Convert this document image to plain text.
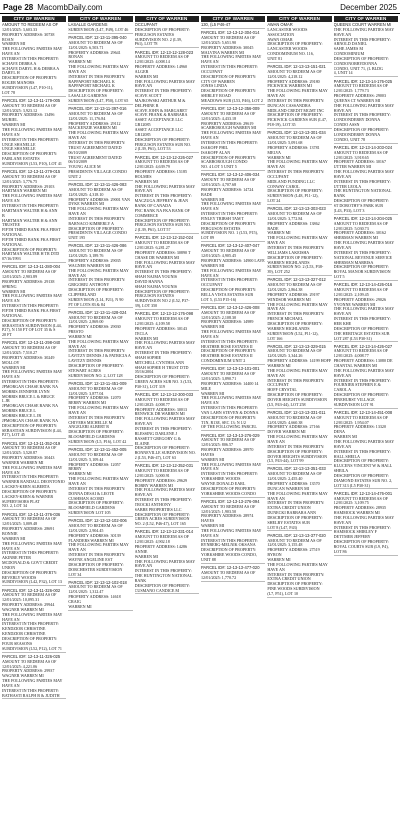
Page 28 MacombDaily.com	December 2025
CITY OF WARREN
AMOUNT TO REDEEM AS OF
12/01/2025: 3,603.33
PROPERTY ADDRESS: 30738 ROAN
WARREN MI
THE FOLLOWING PARTIES MAY HAVE AN
INTEREST IN THIS PROPERTY:
SCHAVE DEBRA A
SCHAVE DARYL H & DEBRA A
DARYL H
DESCRIPTION OF PROPERTY:
ROGER MANORS
SUBDIVISION (L47, P10-11),
LOT 78
PARCEL ID#: 12-13-11-179-005
AMOUNT TO REDEEM AS OF
12/01/2025: 3,923.12
PROPERTY ADDRESS: 13496 MURIEL
WARREN MI
THE FOLLOWING PARTIES MAY HAVE AN
INTEREST IN THIS PROPERTY:
UNGE SHANELLE
UNGE SHANELLE
DESCRIPTION OF PROPERTY:
FAIRLANE ESTATES
SUBDIVISION (L53, P10), LOT 41
PARCEL ID#: 12-13-11-279-015
AMOUNT TO REDEEM AS OF
12/01/2025: 3,776.75
PROPERTY ADDRESS: 29103
HARTMAN WARREN MI
THE FOLLOWING PARTIES MAY HAVE AN
INTEREST IN THIS PROPERTY:
HARTMAN WALTER H & ANN
B
HARTMAN WALTER H & ANN
TRUSTEE
FIFTH THIRD BANK FKA FIRST
NATIONAL
FIFTH THIRD BANK FKA FIRST
NATIONAL
DESCRIPTION OF PROPERTY:
HARTMAN WALTER H TR DTD
07/16/1993
PARCEL ID#: 12-13-11-280-004
AMOUNT TO REDEEM AS OF
12/01/2025: 2,903.89
PROPERTY ADDRESS: 29138 SPRING
WARREN MI
THE FOLLOWING PARTIES MAY HAVE AN
INTEREST IN THIS PROPERTY:
FIFTH THIRD BANK FKA FIRST
NATIONAL
DESCRIPTION OF PROPERTY:
SEBASTIAN SUBDIVISION (L44,
P27), N 150 FT OF LOT 35 & S
20 FT
PARCEL ID#: 12-13-11-298-040
AMOUNT TO REDEEM AS OF
12/01/2025: 7,510.27
PROPERTY ADDRESS: 30249 MOLLOY
WARREN MI
THE FOLLOWING PARTIES MAY HAVE AN
INTEREST IN THIS PROPERTY:
JPMORGAN CHASE BANK NA
MORRIS JENNIFER LYNN
MORRIS BRUCE L & BRUCE
L JR
JPMORGAN CHASE BANK NA
MORRIS BRUCE L
MORRIS BRUCE L JR
JPMORGAN CHASE BANK NA
DESCRIPTION OF PROPERTY:
SEBASTIAN SUBDIVISION (L44,
P27), LOT 45
PARCEL ID#: 12-13-11-352-019
AMOUNT TO REDEEM AS OF
12/01/2025: 3,520.87
PROPERTY ADDRESS: 30443
WARNER WARREN MI
THE FOLLOWING PARTIES MAY HAVE AN
INTEREST IN THIS PROPERTY:
WARNER RANDALL DEONTONIO
LACKEY-KERN ALBERTA
DESCRIPTION OF PROPERTY:
LACKEY-KERN & WARNER
SUPERVISORS PLAT
NO. 2, LOT 34
PARCEL ID#: 12-13-11-376-036
AMOUNT TO REDEEM AS OF
12/01/2025: 3,009.48
PROPERTY ADDRESS: 28691 BONNIE
WARREN MI
THE FOLLOWING PARTIES MAY HAVE AN
INTEREST IN THIS PROPERTY:
AKINBE PETER
MCDONALD & GOVT CREDIT
UNION
DESCRIPTION OF PROPERTY:
BEVERLY WOODS
SUBDIVISION (L42, P32), LOT 13
PARCEL ID#: 12-13-11-326-002
AMOUNT TO REDEEM AS OF
12/01/2025: 10,095.31
PROPERTY ADDRESS: 29944
WAGNER WARREN MI
THE FOLLOWING PARTIES MAY HAVE AN
INTEREST IN THIS PROPERTY:
KENDZIOR CHRISTINE
KENDZIOR CHRISTINE
DESCRIPTION OF PROPERTY:
FOUR SEASONS
SUBDIVISION (L52, P12), LOT 71
PARCEL ID#: 12-13-11-326-025
AMOUNT TO REDEEM AS OF
12/01/2025: 4,221.06
PROPERTY ADDRESS: 29937
WAGNER WARREN MI
THE FOLLOWING PARTIES MAY HAVE AN
INTEREST IN THIS PROPERTY:
BATHASTI RALPH B & JUDITH
CITY OF WARREN
LASALLE GARDENS
SUBDIVISION (L47, P49), LOT 46
PARCEL ID#: 12-13-11-395-040
AMOUNT TO REDEEM AS OF
12/01/2025: 6,503.71
PROPERTY ADDRESS: 29641 RONAN
WARREN MI
THE FOLLOWING PARTIES MAY HAVE AN
INTEREST IN THIS PROPERTY:
RAPPAPORT MICHAEL K
RAPPAPORT MICHAEL K
DESCRIPTION OF PROPERTY:
LASALLE GARDENS
SUBDIVISION (L47, P50), LOT 65
PARCEL ID#: 12-13-11-397-016
AMOUNT TO REDEEM AS OF
12/01/2025: 11,176.84
PROPERTY ADDRESS: 29112
MACKENZIE WARREN MI
THE FOLLOWING PARTIES MAY HAVE AN
INTEREST IN THIS PROPERTY:
TRUST AGREEMENT DATED
06/10/2009
TRUST AGREEMENT DATED
06/10/2009
YOUNG ALICE M
PRESIDENTS VILLAGE CONDO
UNIT 2
PARCEL ID#: 12-13-11-426-083
AMOUNT TO REDEEM AS OF
12/01/2025: 4,318.10
PROPERTY ADDRESS: 29001 VAN
DYKE WARREN MI
THE FOLLOWING PARTIES MAY HAVE AN
INTEREST IN THIS PROPERTY:
BARNACO KIMBERLY A
DESCRIPTION OF PROPERTY:
PRESIDENTS VILLAGE CONDO
UNIT 195
PARCEL ID#: 12-13-11-426-086
AMOUNT TO REDEEM AS OF
12/01/2025: 3,189.76
PROPERTY ADDRESS: 29035
WAGNER WARREN MI
THE FOLLOWING PARTIES MAY HAVE AN
INTEREST IN THIS PROPERTY:
GRIGORIU ANTHONY
DESCRIPTION OF PROPERTY:
CLIPPERLAND
SUBDIVISION (L14, P21), N 90
FT OF LOTS 83 & 84
PARCEL ID#: 12-13-11-428-024
AMOUNT TO REDEEM AS OF
12/01/2025: 2,869.00
PROPERTY ADDRESS: 29030 PRESTO
WARREN MI
THE FOLLOWING PARTIES MAY HAVE AN
INTEREST IN THIS PROPERTY:
LAVITZY DENNIS J & PATRICIA A
LAVITZY DENNIS
DESCRIPTION OF PROPERTY:
STEWART ACRES
SUBDIVISION NO. 2, LOT 128
PARCEL ID#: 12-13-11-451-009
AMOUNT TO REDEEM AS OF
12/01/2025: 3,877.04
PROPERTY ADDRESS: 12070
BERRY WARREN MI
THE FOLLOWING PARTIES MAY HAVE AN
INTEREST IN THIS PROPERTY:
CHIVERS MICHELLE M
ANGELERI ALBERT R
DESCRIPTION OF PROPERTY:
BLOOMFIELD GARDENS
SUBDIVISION (L5, P16), LOT 42
PARCEL ID#: 12-13-11-452-005
AMOUNT TO REDEEM AS OF
12/01/2025: 5,109.44
PROPERTY ADDRESS: 12057 BERRY
WARREN MI
THE FOLLOWING PARTIES MAY HAVE AN
INTEREST IN THIS PROPERTY:
DONNA DESAI & LEOTE
CUSHMAN ACORD
DESCRIPTION OF PROPERTY:
BLOOMFIELD GARDENS
SUBDIVISION LOT 105
PARCEL ID#: 12-13-12-102-006
AMOUNT TO REDEEM AS OF
12/01/2025: 2,904.45
PROPERTY ADDRESS: 30139
FLANDERS WARREN MI
THE FOLLOWING PARTIES MAY HAVE AN
INTEREST IN THIS PROPERTY:
WAYNE ANGELINE EST
DESCRIPTION OF PROPERTY:
DORCHESTER SUBDIVISION
LOT 34
PARCEL ID#: 12-13-12-102-018
AMOUNT TO REDEEM AS OF
12/01/2025: 1,312.47
PROPERTY ADDRESS: 14618 CRAIG
WARREN MI
CITY OF WARREN
OCCUPANT
DESCRIPTION OF PROPERTY:
FERGUSON ESTATES
SUBDIVISION NO. 2 (L39,
P61), LOT 78
PARCEL ID#: 12-13-12-128-023
AMOUNT TO REDEEM AS OF
12/01/2025: 4,008.14
PROPERTY ADDRESS: 14960 ALGER
WARREN MI
THE FOLLOWING PARTIES MAY HAVE AN
INTEREST IN THIS PROPERTY:
SCAVE SCOTT
MAJKOWSKI ARTHUR M &
DELPHINE R
SCAVE JOHN & MARGARET
SCAVE FRANK & BARBARA
ASSET ACCEPTANCE LLC
GR12085
ASSET ACCEPTANCE LLC
GR12085
DESCRIPTION OF PROPERTY:
FERGUSON ESTATES SUB NO.
2 (L39, P61), LOT 53
PARCEL ID#: 12-13-12-226-027
AMOUNT TO REDEEM AS OF
12/01/2025: 4,639.79
PROPERTY ADDRESS: 15185 HOLMES
WARREN MI
THE FOLLOWING PARTIES MAY HAVE AN
INTEREST IN THIS PROPERTY:
MACZUGA JEFFREY & JEAN
BANK OF CANADA
PNC BANK NA FKA BANK OF
COMMERCE
DESCRIPTION OF PROPERTY:
FERGUSON ESTATES SUB NO.
2 (L39, P61), LOT 57
PARCEL ID#: 12-13-12-152-024
AMOUNT TO REDEEM AS OF
12/01/2025: 6,281.27
PROPERTY ADDRESS: 30890 T
CHASE DR WARREN MI
THE FOLLOWING PARTIES MAY HAVE AN
INTEREST IN THIS PROPERTY:
SHAH NAJMA YOUNIS
DAVID HANNA
SHAH NAJMA YOUNIS
DESCRIPTION OF PROPERTY:
FERGUSON ESTATES
SUBDIVISION NO 2 (L52, P37-
39), LOT 350
PARCEL ID#: 12-13-12-176-098
AMOUNT TO REDEEM AS OF
12/01/2025: 4,109.58
PROPERTY ADDRESS: 30143 TECLA
WARREN MI
THE FOLLOWING PARTIES MAY HAVE AN
INTEREST IN THIS PROPERTY:
SHAH SOPHIE
MITCHELL CYNTHIA ANN
SHAH SOPHIE H TRUST DTD
05/16/2004
DESCRIPTION OF PROPERTY:
GREEN ACRES SUB NO. 3 (L53,
P30-31), LOT 319
PARCEL ID#: 12-13-12-300-033
AMOUNT TO REDEEM AS OF
12/01/2025: 4,008.77
PROPERTY ADDRESS: 30013
RENWICK DR WARREN MI
THE FOLLOWING PARTIES MAY HAVE AN
INTEREST IN THIS PROPERTY:
BLESSING DARLENE J
BASSETT GREGORY G &
ELAINE
DESCRIPTION OF PROPERTY:
BONNEVILLE SUBDIVISION NO.
2 (L53, P46-47), LOT 63
PARCEL ID#: 12-13-12-352-031
AMOUNT TO REDEEM AS OF
12/01/2025: 3,000.91
PROPERTY ADDRESS: 29629
BOBBY WARREN MI
THE FOLLOWING PARTIES MAY HAVE AN
INTEREST IN THIS PROPERTY:
TROCKI ANTHONY
SABBE PROPERTIES LLC
DESCRIPTION OF PROPERTY:
GREEN ACRES SUBDIVISION
NO. 2 (L52, P46-47), LOT 165
PARCEL ID#: 12-13-12-331-014
AMOUNT TO REDEEM AS OF
12/01/2025: 4,902.18
PROPERTY ADDRESS: 14286 ANNIE
WARREN MI
THE FOLLOWING PARTIES MAY HAVE AN
INTEREST IN THIS PROPERTY:
THE HUNTINGTON NATIONAL
BANK
DESCRIPTION OF PROPERTY:
CUSMANO CANDICE M
CITY OF WARREN
130, (L5 P46-47
PARCEL ID#: 12-13-12-304-014
AMOUNT TO REDEEM AS OF
12/01/2025: 5,651.90
PROPERTY ADDRESS: 30045
MALVINA WARREN MI
THE FOLLOWING PARTIES MAY HAVE AN
INTEREST IN THIS PROPERTY:
OCCUPANT
DESCRIPTION OF PROPERTY:
CITY OF WARREN
JONES LINDA
DESCRIPTION OF PROPERTY:
SHIRLEY ROAD
MEADOWS SUB (L53, P46), LOT 2
PARCEL ID#: 12-13-12-356-009
AMOUNT TO REDEEM AS OF
12/01/2025: 4,433.18
PROPERTY ADDRESS: 29619
SCARBOROUGH WARREN MI
THE FOLLOWING PARTIES MAY HAVE AN
INTEREST IN THIS PROPERTY:
ISAKOFF PHIL
ISAKOFF ALAN
DESCRIPTION OF PROPERTY:
SCARBOROUGH CONDO
NO. 4 LOT 5 UNIT 5
PARCEL ID#: 12-13-12-406-034
AMOUNT TO REDEEM AS OF
12/01/2025: 4,707.68
PROPERTY ADDRESS: 14724 BADE
WARREN MI
THE FOLLOWING PARTIES MAY HAVE AN
INTEREST IN THIS PROPERTY:
FINLEY TRIBSH TAM T
DESCRIPTION OF PROPERTY:
FERGUSON ESTATES
SUBDIVISION NO. 1 (L53, P15),
LOT 89
PARCEL ID#: 12-13-12-407-047
AMOUNT TO REDEEM AS OF
12/01/2025: 4,905.45
PROPERTY ADDRESS: 14900 LAVE
WARREN MI
THE FOLLOWING PARTIES MAY HAVE AN
INTEREST IN THIS PROPERTY:
OCCUPANT
DESCRIPTION OF PROPERTY:
BELLA VISTA ESTATES SUB
LOT 5, (L53 P15-16)
PARCEL ID#: 12-13-12-426-008
AMOUNT TO REDEEM AS OF
12/01/2025: 2,108.30
PROPERTY ADDRESS: 14989
WARREN MI
THE FOLLOWING PARTIES MAY HAVE AN
INTEREST IN THIS PROPERTY:
HEATHER ROSE ESTATES II
DESCRIPTION OF PROPERTY:
HEATHER ROSE ESTATES II
CONDOMINIUM UNIT 2
PARCEL ID#: 12-13-13-101-001
AMOUNT TO REDEEM AS OF
12/01/2025: 3,890.71
PROPERTY ADDRESS: 14400 14 MILE
WARREN MI
THE FOLLOWING PARTIES MAY HAVE AN
INTEREST IN THIS PROPERTY:
VAN LAHN STEVEN & DONNA
DESCRIPTION OF PROPERTY:
T1N, R13E, SEC 13; N 1/2
OF THE FOLLOWING PARCEL
PARCEL ID#: 12-13-13-276-029
AMOUNT TO REDEEM AS OF
12/01/2025: 806.57
PROPERTY ADDRESS: 28970 HAYES
WARREN MI
THE FOLLOWING PARTIES MAY HAVE AN
INTEREST IN THIS PROPERTY:
YORKSHIRE WOODS
WAYNE DONALD EARL
DESCRIPTION OF PROPERTY:
YORKSHIRE WOODS CONDO
PARCEL ID#: 12-13-13-276-094
AMOUNT TO REDEEM AS OF
12/01/2025: 1,903.50
PROPERTY ADDRESS: 28974 HAYES
WARREN MI
THE FOLLOWING PARTIES MAY HAVE AN
INTEREST IN THIS PROPERTY:
RYNBERG-MELNIK OKSANA
DESCRIPTION OF PROPERTY:
YORKSHIRE WOODS CONDO,
UNIT 88
PARCEL ID#: 12-13-13-477-020
AMOUNT TO REDEEM AS OF
12/01/2025: 1,770.72
CITY OF WARREN
AWAN OMAR
LANCASTER WOODS
ASSOCIATION
AWAN OMAR
DESCRIPTION OF PROPERTY:
LANCASTER WOODS
CONDOMINIUM NO. 116,
UNIT 81
PARCEL ID#: 12-13-13-151-021
AMOUNT TO REDEEM AS OF
12/01/2025: 4,218.12
PROPERTY ADDRESS: 29180
PICKWICK WARREN MI
THE FOLLOWING PARTIES MAY HAVE AN
INTEREST IN THIS PROPERTY:
DUNCAN CASSANDRA
MIDLAND CREDIT MGMT INC
DESCRIPTION OF PROPERTY:
PICKWICK GARDENS SUB (L47,
P18-19), LOT 35
PARCEL ID#: 12-13-13-301-034
AMOUNT TO REDEEM AS OF
12/01/2025: 5,091.68
PROPERTY ADDRESS: 13781 MELVA
WARREN MI
THE FOLLOWING PARTIES MAY HAVE AN
INTEREST IN THIS PROPERTY:
OCCUPANT
MIDLAND FUNDING LLC
CONWAY CAROL
DESCRIPTION OF PROPERTY:
SUBDIVISION (L48, P11-12),
LOT 24
PARCEL ID#: 12-13-13-303-023
AMOUNT TO REDEEM AS OF
12/01/2025: 3,772.84
PROPERTY ADDRESS: 13862 BADE
WARREN MI
THE FOLLOWING PARTIES MAY HAVE AN
INTEREST IN THIS PROPERTY:
WILLIAMS LAKEISHA
DESCRIPTION OF PROPERTY:
WARREN HIGHLANDS
SUBDIVISION NO. 2 (L53, P38-
39), LOT 252
PARCEL ID#: 12-13-13-327-012
AMOUNT TO REDEEM AS OF
12/01/2025: 2,864.38
PROPERTY ADDRESS: 29197
WINDSOR WARREN MI
THE FOLLOWING PARTIES MAY HAVE AN
INTEREST IN THIS PROPERTY:
FRENCH MICHAEL
DESCRIPTION OF PROPERTY:
WARREN HIGHLANDS
SUBDIVISION (L52, P11-12),
LOT 166
PARCEL ID#: 12-13-13-329-015
AMOUNT TO REDEEM AS OF
12/01/2025: 3,344.26
PROPERTY ADDRESS: 14199 HOFF
WARREN MI
THE FOLLOWING PARTIES MAY HAVE AN
INTEREST IN THIS PROPERTY:
OCCUPANT
HOFF CRYSTAL
DESCRIPTION OF PROPERTY:
DOVER HEIGHTS SUBDIVISION
(L5, P43-44), LOT 258
PARCEL ID#: 12-13-13-331-011
AMOUNT TO REDEEM AS OF
12/01/2025: 4,660.38
PROPERTY ADDRESS: 27166
DOVER WARREN MI
THE FOLLOWING PARTIES MAY HAVE AN
INTEREST IN THIS PROPERTY:
DESCRIPTION OF PROPERTY:
DOVER HEIGHTS SUBDIVISION
(L5, P43-44), LOT 99
PARCEL ID#: 12-13-13-351-033
AMOUNT TO REDEEM AS OF
12/01/2025: 2,455.40
PROPERTY ADDRESS: 13570
DUNCAN WARREN MI
THE FOLLOWING PARTIES MAY HAVE AN
INTEREST IN THIS PROPERTY:
EXTRA CREDIT UNION
DUNECKI BARBARA ANN
DESCRIPTION OF PROPERTY:
SHELBY ESTATES SUB
LOT 8 (L47, P43)
PARCEL ID#: 12-13-13-377-020
AMOUNT TO REDEEM AS OF
12/01/2025: 3,155.48
PROPERTY ADDRESS: 27519 BYRON
WARREN MI
THE FOLLOWING PARTIES MAY HAVE AN
INTEREST IN THIS PROPERTY:
EXTRA CREDIT UNION
DESCRIPTION OF PROPERTY:
PINE WOODS SUBDIVISION
(L7, P51), LOT 10
CITY OF WARREN
QUEENS COURT WARREN MI
THE FOLLOWING PARTIES MAY HAVE AN
INTEREST IN THIS PROPERTY:
ARNOLD DANIEL
SAHE JAMES M
CONDOMINIUM
DESCRIPTION OF PROPERTY:
CONDONORRYDONNA
CONDO, UNIT 71, (L BLDG
4, UNIT 14
PARCEL ID#: 12-13-14-176-025
AMOUNT TO REDEEM AS OF
12/01/2025: 1,779.73
PROPERTY ADDRESS: 29003
QUEENS CT WARREN MI
THE FOLLOWING PARTIES MAY HAVE AN
INTEREST IN THIS PROPERTY:
LONDONDERRY DONNA
CONDO ASSN
DESCRIPTION OF PROPERTY:
LONDONDERRY DONNA
CONDO, UNIT 78
PARCEL ID#: 12-13-14-203-024
AMOUNT TO REDEEM AS OF
12/01/2025: 3,918.65
PROPERTY ADDRESS: 30167
UTTER WARREN MI
THE FOLLOWING PARTIES MAY HAVE AN
INTEREST IN THIS PROPERTY:
UTTER LEOLA
THE HUNTINGTON NATIONAL
BANK
DESCRIPTION OF PROPERTY:
ST DOROTHY'S PARK SUB
(L43, P33), LOT 3
PARCEL ID#: 12-13-14-204-025
AMOUNT TO REDEEM AS OF
12/01/2025: 5,030.73
PROPERTY ADDRESS: 30162
SHERMAN WARREN MI
THE FOLLOWING PARTIES MAY HAVE AN
INTEREST IN THIS PROPERTY:
NATIONAL REVENUE SERVICE
SHERMAN MARRISA
DESCRIPTION OF PROPERTY:
ROYAL MANOR SUBDIVISION
LOT 5
PARCEL ID#: 12-13-14-426-016
AMOUNT TO REDEEM AS OF
12/01/2025: 2,109.45
PROPERTY ADDRESS: 29026
YVONNE WARREN MI
THE FOLLOWING PARTIES MAY HAVE AN
INTEREST IN THIS PROPERTY:
HER KHE
DESCRIPTION OF PROPERTY:
THE HERITAGE ESTATES SUB
LOT 287 (L53 P30-31)
PARCEL ID#: 12-13-14-426-027
AMOUNT TO REDEEM AS OF
12/01/2025: 4,008.77
PROPERTY ADDRESS: 13080 DE
CHANTAL WARREN MI
THE FOLLOWING PARTIES MAY HAVE AN
INTEREST IN THIS PROPERTY:
FOURNIER STEPHEN E &
CAROL A
DESCRIPTION OF PROPERTY:
PINEHURST VILLAGE
SUBDIVISION LOT 91
PARCEL ID#: 12-13-14-451-008
AMOUNT TO REDEEM AS OF
12/01/2025: 1,954.07
PROPERTY ADDRESS: 13320 DENA
WARREN MI
THE FOLLOWING PARTIES MAY HAVE AN
INTEREST IN THIS PROPERTY:
HALL SHEILA
DESCRIPTION OF PROPERTY:
KLUCENS VINCENT W & HALL
SHEILA
DESCRIPTION OF PROPERTY:
DIAMOND ESTATES SUB NO. 2,
LOT 313 (L5 P30-31)
PARCEL ID#: 12-13-14-476-001
AMOUNT TO REDEEM AS OF
12/01/2025: 3,109.75
PROPERTY ADDRESS: 28935
HAMMOCK WARREN MI
THE FOLLOWING PARTIES MAY HAVE AN
INTEREST IN THIS PROPERTY:
HAMMOCK SHIRLEY F
DETTMER JEFFERY
DESCRIPTION OF PROPERTY:
ROYAL COURTS SUB (L9, P4),
LOT 86
